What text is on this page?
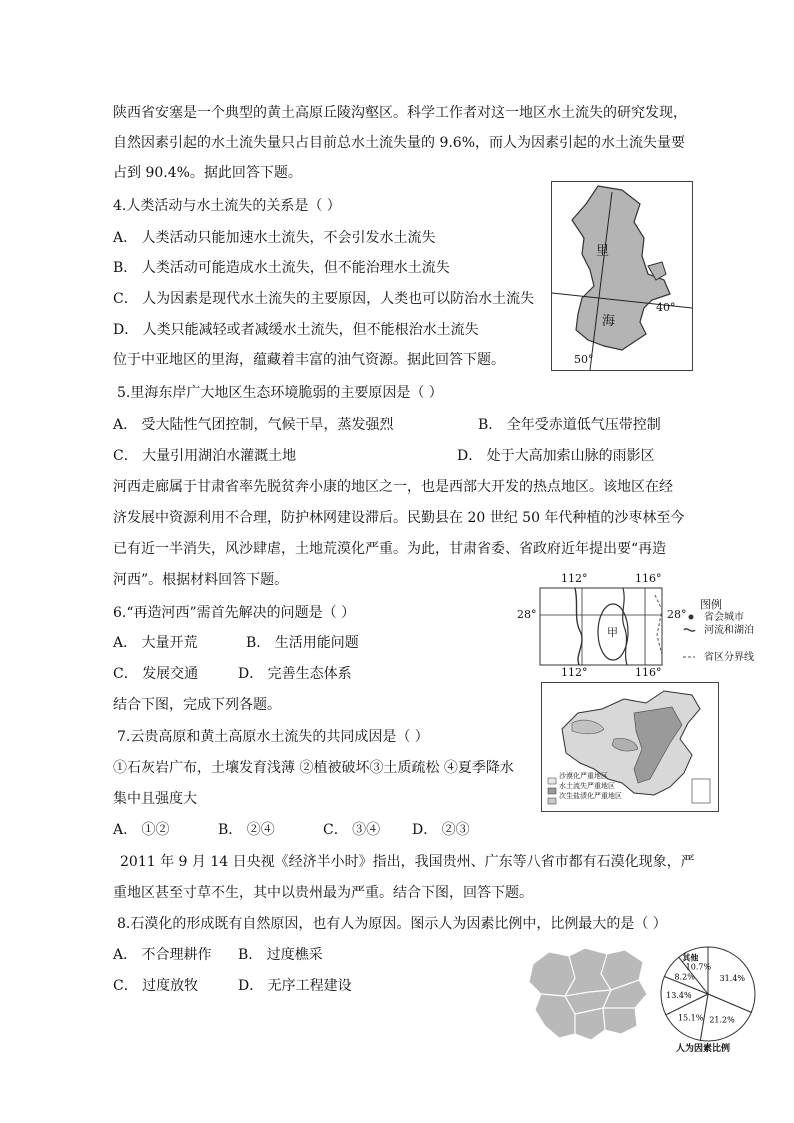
陕西省安塞是一个典型的黄土高原丘陵沟壑区。科学工作者对这一地区水土流失的研究发现，
自然因素引起的水土流失量只占目前总水土流失量的 9.6%，而人为因素引起的水土流失量要
占到 90.4%。据此回答下题。
4.人类活动与水土流失的关系是（ ）
A． 人类活动只能加速水土流失，不会引发水土流失
B． 人类活动可能造成水土流失，但不能治理水土流失
C． 人为因素是现代水土流失的主要原因，人类也可以防治水土流失
D． 人类只能减轻或者减缓水土流失，但不能根治水土流失
位于中亚地区的里海，蕴藏着丰富的油气资源。据此回答下题。
里
海
40°
50°
5.里海东岸广大地区生态环境脆弱的主要原因是（ ）
A． 受大陆性气团控制，气候干旱，蒸发强烈	B． 全年受赤道低气压带控制
C． 大量引用湖泊水灌溉土地	D． 处于大高加索山脉的雨影区
河西走廊属于甘肃省率先脱贫奔小康的地区之一，也是西部大开发的热点地区。该地区在经
济发展中资源利用不合理，防护林网建设滞后。民勤县在 20 世纪 50 年代种植的沙枣林至今
已有近一半消失，风沙肆虐，土地荒漠化严重。为此，甘肃省委、省政府近年提出要“再造
河西”。根据材料回答下题。
6.“再造河西”需首先解决的问题是（ ）
A． 大量开荒	B． 生活用能问题
C． 发展交通	D． 完善生态体系
结合下图，完成下列各题。
112°	116°
28°	28°
112°	116°
甲
图例
省会城市
河流和湖泊
省区分界线
沙漠化严重地区
水土流失严重地区
次生盐渍化严重地区
7.云贵高原和黄土高原水土流失的共同成因是（ ）
①石灰岩广布，土壤发育浅薄 ②植被破坏③土质疏松 ④夏季降水
集中且强度大
A． ①②	B． ②④	C． ③④ D． ②③
2011 年 9 月 14 日央视《经济半小时》指出，我国贵州、广东等八省市都有石漠化现象，严
重地区甚至寸草不生，其中以贵州最为严重。结合下图，回答下题。
8.石漠化的形成既有自然原因，也有人为原因。图示人为因素比例中，比例最大的是（ ）
A． 不合理耕作 B． 过度樵采
C． 过度放牧	D． 无序工程建设	31.4%
21.2%
15.1%
13.4%
8.2%
10.7%
其他
人为因素比例
